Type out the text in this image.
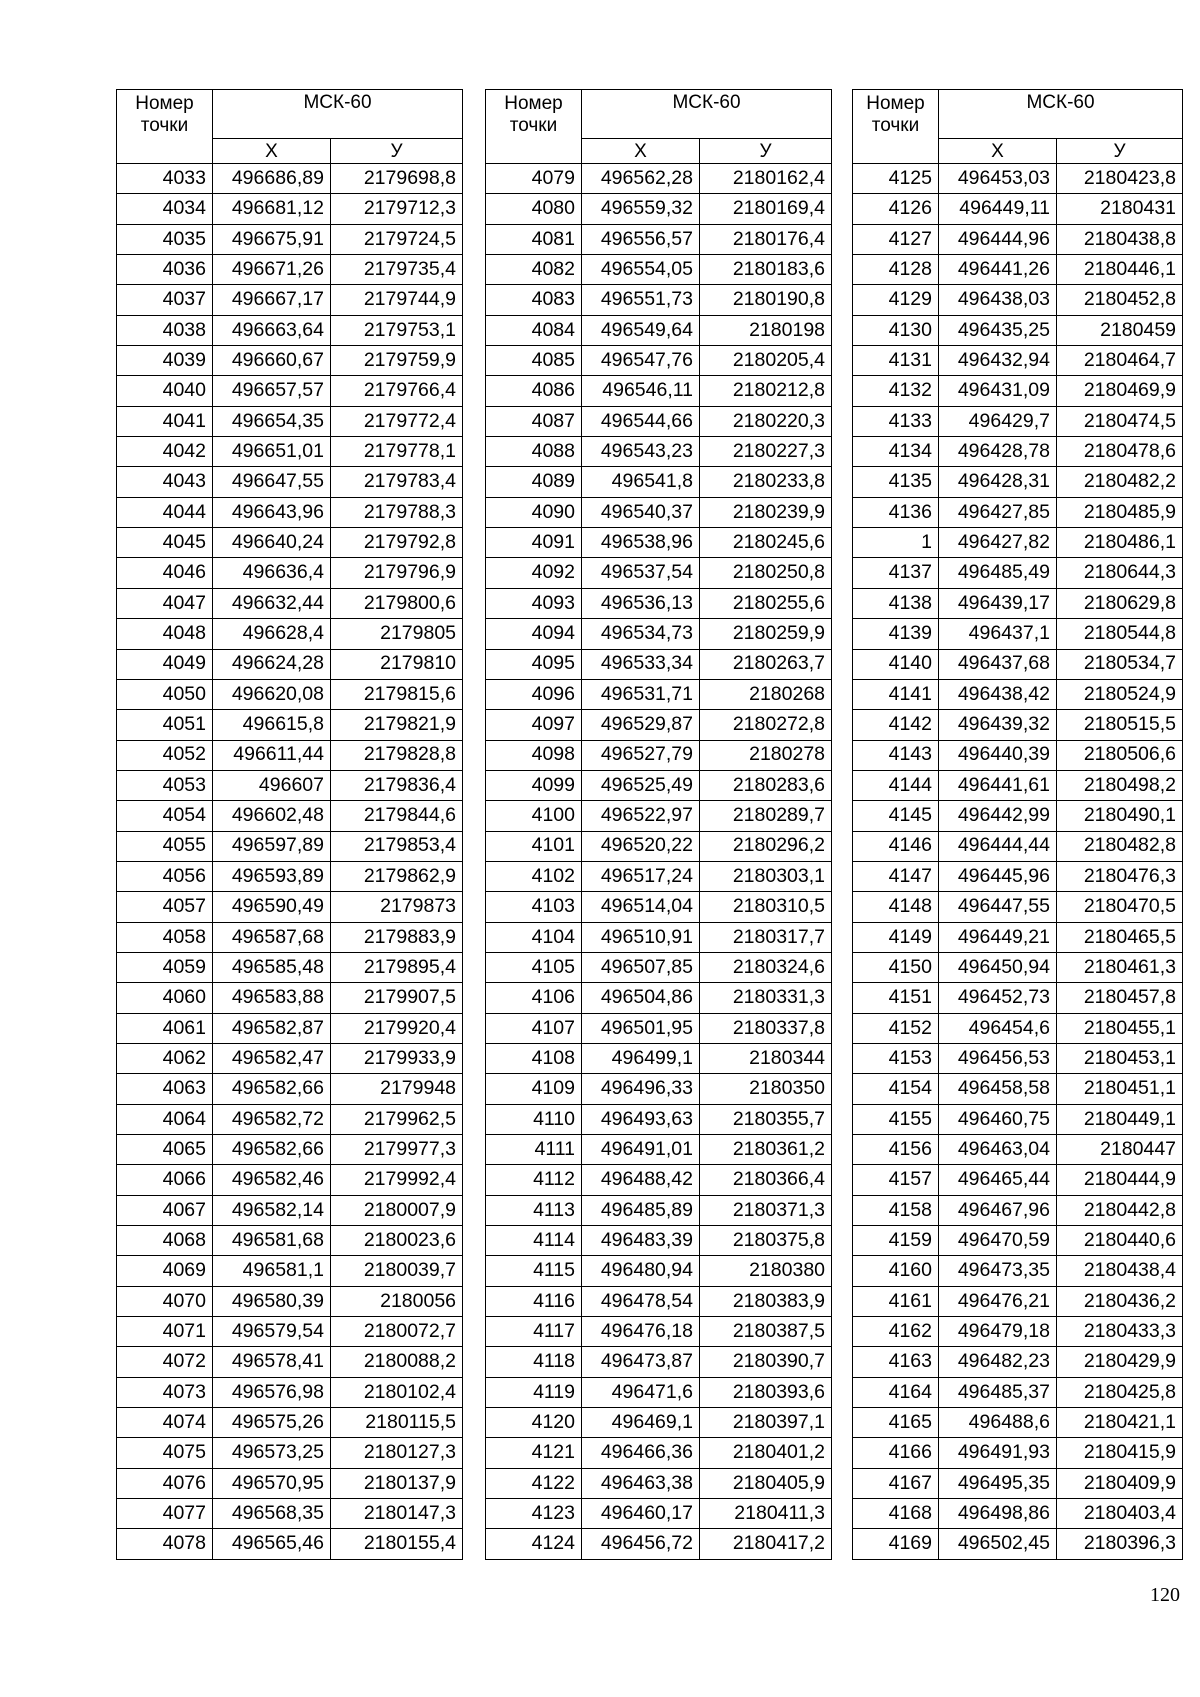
Номер точки	МСК-60	
	X	У
4033	496686,89	2179698,8
4034	496681,12	2179712,3
4035	496675,91	2179724,5
4036	496671,26	2179735,4
4037	496667,17	2179744,9
4038	496663,64	2179753,1
4039	496660,67	2179759,9
4040	496657,57	2179766,4
4041	496654,35	2179772,4
4042	496651,01	2179778,1
4043	496647,55	2179783,4
4044	496643,96	2179788,3
4045	496640,24	2179792,8
4046	496636,4	2179796,9
4047	496632,44	2179800,6
4048	496628,4	2179805
4049	496624,28	2179810
4050	496620,08	2179815,6
4051	496615,8	2179821,9
4052	496611,44	2179828,8
4053	496607	2179836,4
4054	496602,48	2179844,6
4055	496597,89	2179853,4
4056	496593,89	2179862,9
4057	496590,49	2179873
4058	496587,68	2179883,9
4059	496585,48	2179895,4
4060	496583,88	2179907,5
4061	496582,87	2179920,4
4062	496582,47	2179933,9
4063	496582,66	2179948
4064	496582,72	2179962,5
4065	496582,66	2179977,3
4066	496582,46	2179992,4
4067	496582,14	2180007,9
4068	496581,68	2180023,6
4069	496581,1	2180039,7
4070	496580,39	2180056
4071	496579,54	2180072,7
4072	496578,41	2180088,2
4073	496576,98	2180102,4
4074	496575,26	2180115,5
4075	496573,25	2180127,3
4076	496570,95	2180137,9
4077	496568,35	2180147,3
4078	496565,46	2180155,4
Номер точки	МСК-60	
	X	У
4079	496562,28	2180162,4
4080	496559,32	2180169,4
4081	496556,57	2180176,4
4082	496554,05	2180183,6
4083	496551,73	2180190,8
4084	496549,64	2180198
4085	496547,76	2180205,4
4086	496546,11	2180212,8
4087	496544,66	2180220,3
4088	496543,23	2180227,3
4089	496541,8	2180233,8
4090	496540,37	2180239,9
4091	496538,96	2180245,6
4092	496537,54	2180250,8
4093	496536,13	2180255,6
4094	496534,73	2180259,9
4095	496533,34	2180263,7
4096	496531,71	2180268
4097	496529,87	2180272,8
4098	496527,79	2180278
4099	496525,49	2180283,6
4100	496522,97	2180289,7
4101	496520,22	2180296,2
4102	496517,24	2180303,1
4103	496514,04	2180310,5
4104	496510,91	2180317,7
4105	496507,85	2180324,6
4106	496504,86	2180331,3
4107	496501,95	2180337,8
4108	496499,1	2180344
4109	496496,33	2180350
4110	496493,63	2180355,7
4111	496491,01	2180361,2
4112	496488,42	2180366,4
4113	496485,89	2180371,3
4114	496483,39	2180375,8
4115	496480,94	2180380
4116	496478,54	2180383,9
4117	496476,18	2180387,5
4118	496473,87	2180390,7
4119	496471,6	2180393,6
4120	496469,1	2180397,1
4121	496466,36	2180401,2
4122	496463,38	2180405,9
4123	496460,17	2180411,3
4124	496456,72	2180417,2
Номер точки	МСК-60	
	X	У
4125	496453,03	2180423,8
4126	496449,11	2180431
4127	496444,96	2180438,8
4128	496441,26	2180446,1
4129	496438,03	2180452,8
4130	496435,25	2180459
4131	496432,94	2180464,7
4132	496431,09	2180469,9
4133	496429,7	2180474,5
4134	496428,78	2180478,6
4135	496428,31	2180482,2
4136	496427,85	2180485,9
1	496427,82	2180486,1
4137	496485,49	2180644,3
4138	496439,17	2180629,8
4139	496437,1	2180544,8
4140	496437,68	2180534,7
4141	496438,42	2180524,9
4142	496439,32	2180515,5
4143	496440,39	2180506,6
4144	496441,61	2180498,2
4145	496442,99	2180490,1
4146	496444,44	2180482,8
4147	496445,96	2180476,3
4148	496447,55	2180470,5
4149	496449,21	2180465,5
4150	496450,94	2180461,3
4151	496452,73	2180457,8
4152	496454,6	2180455,1
4153	496456,53	2180453,1
4154	496458,58	2180451,1
4155	496460,75	2180449,1
4156	496463,04	2180447
4157	496465,44	2180444,9
4158	496467,96	2180442,8
4159	496470,59	2180440,6
4160	496473,35	2180438,4
4161	496476,21	2180436,2
4162	496479,18	2180433,3
4163	496482,23	2180429,9
4164	496485,37	2180425,8
4165	496488,6	2180421,1
4166	496491,93	2180415,9
4167	496495,35	2180409,9
4168	496498,86	2180403,4
4169	496502,45	2180396,3
120
